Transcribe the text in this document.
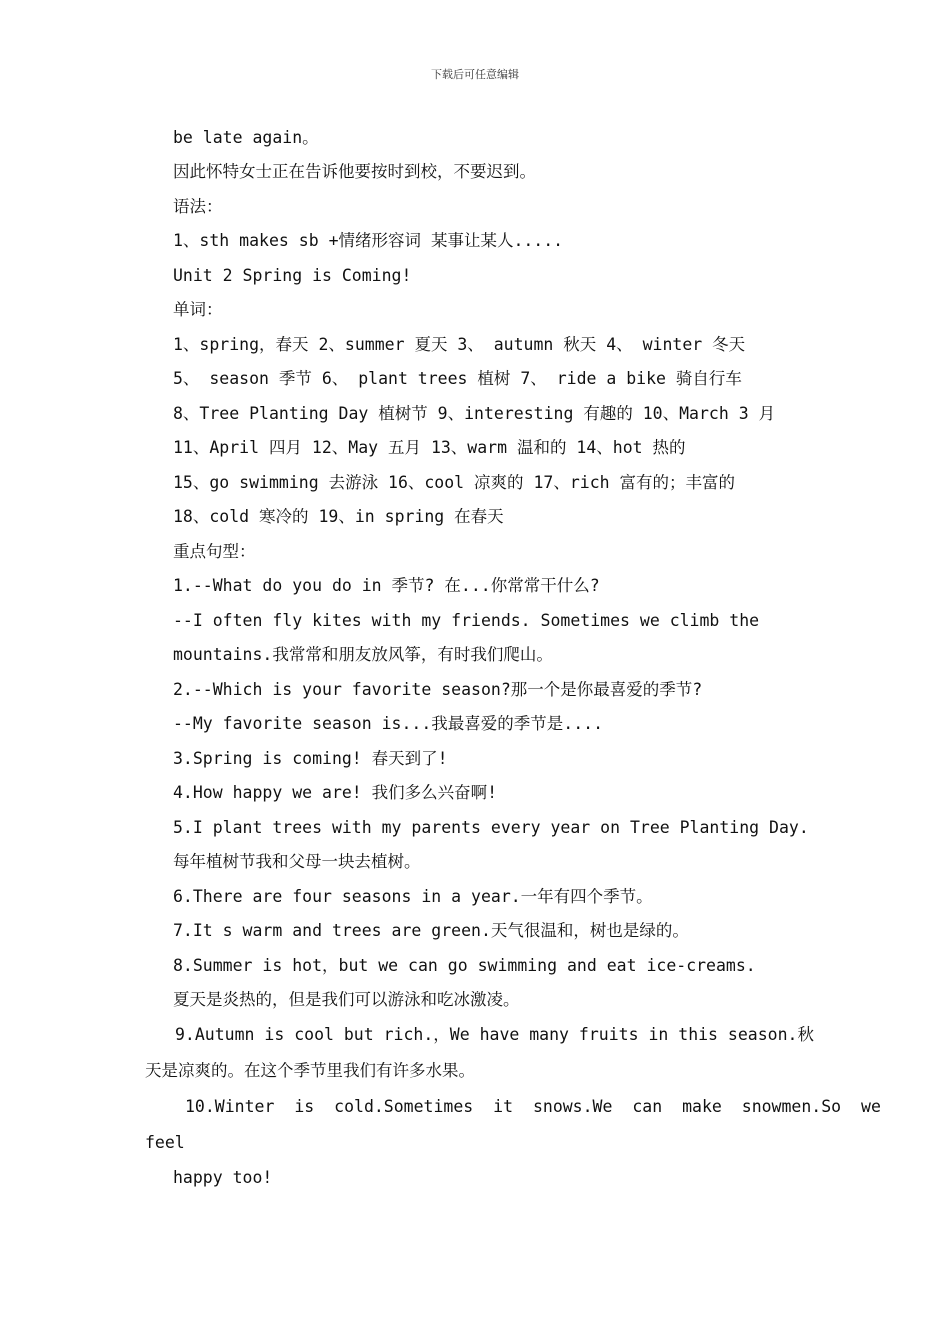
下载后可任意编辑
be late again。
因此怀特女士正在告诉他要按时到校，不要迟到。
语法：
1、sth makes sb +情绪形容词 某事让某人.....
Unit 2 Spring is Coming!
单词：
1、spring，春天 2、summer 夏天 3、 autumn 秋天 4、 winter 冬天
5、 season 季节 6、 plant trees 植树 7、 ride a bike 骑自行车
8、Tree Planting Day 植树节 9、interesting 有趣的 10、March 3 月
11、April 四月 12、May 五月 13、warm 温和的 14、hot 热的
15、go swimming 去游泳 16、cool 凉爽的 17、rich 富有的；丰富的
18、cold 寒冷的 19、in spring 在春天
重点句型：
1.--What do you do in 季节? 在...你常常干什么?
--I often fly kites with my friends. Sometimes we climb the
mountains.我常常和朋友放风筝，有时我们爬山。
2.--Which is your favorite season?那一个是你最喜爱的季节?
--My favorite season is...我最喜爱的季节是....
3.Spring is coming! 春天到了!
4.How happy we are! 我们多么兴奋啊!
5.I plant trees with my parents every year on Tree Planting Day.
每年植树节我和父母一块去植树。
6.There are four seasons in a year.一年有四个季节。
7.It s warm and trees are green.天气很温和，树也是绿的。
8.Summer is hot，but we can go swimming and eat ice-creams.
夏天是炎热的，但是我们可以游泳和吃冰激凌。
9.Autumn is cool but rich.，We have many fruits in this season.秋
天是凉爽的。在这个季节里我们有许多水果。
10.Winter is cold.Sometimes it snows.We can make snowmen.So we
feel
happy too!
